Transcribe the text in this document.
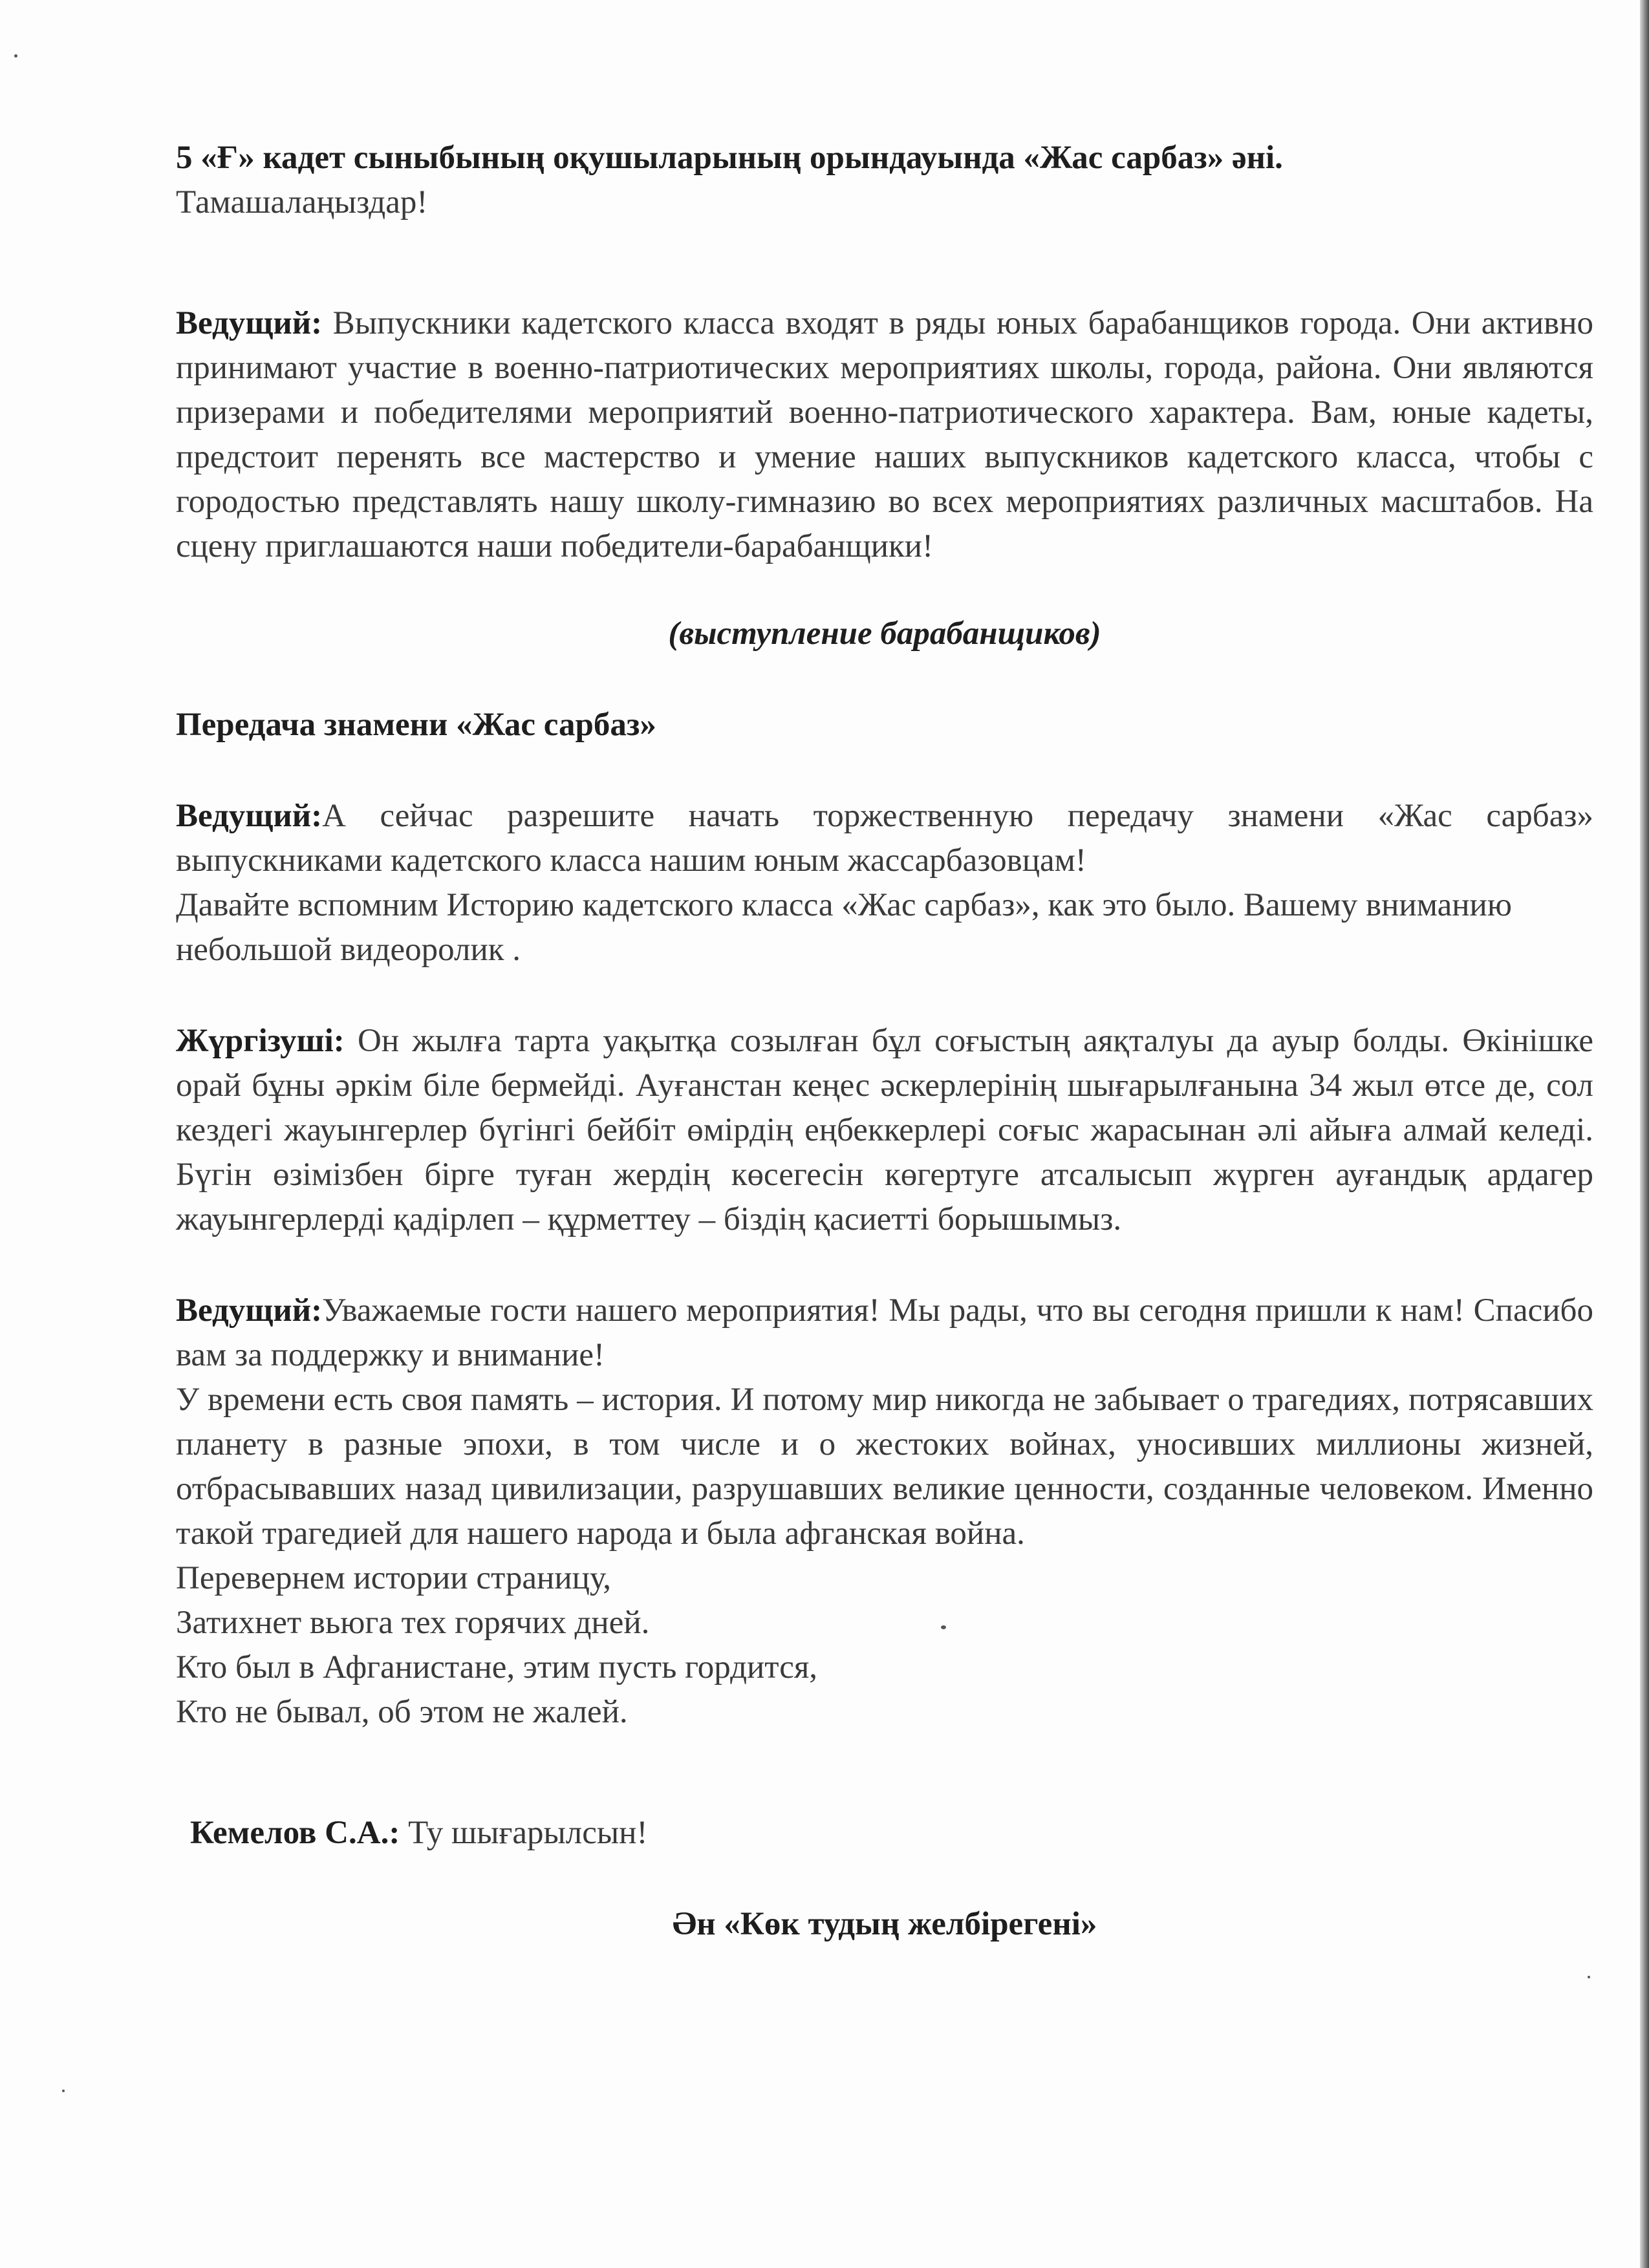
5 «Ғ» кадет сыныбының оқушыларының орындауында «Жас сарбаз» әні.
Тамашалаңыздар!

Ведущий: Выпускники кадетского класса входят в ряды юных барабанщиков города. Они активно принимают участие в военно-патриотических мероприятиях школы, города, района. Они являются призерами и победителями мероприятий военно-патриотического характера. Вам, юные кадеты, предстоит перенять все мастерство и умение наших выпускников кадетского класса, чтобы с городостью представлять нашу школу-гимназию во всех мероприятиях различных масштабов. На сцену приглашаются наши победители-барабанщики!

(выступление барабанщиков)

Передача знамени «Жас сарбаз»

Ведущий:А сейчас разрешите начать торжественную передачу знамени «Жас сарбаз» выпускниками кадетского класса нашим юным жассарбазовцам!
Давайте вспомним Историю кадетского класса «Жас сарбаз», как это было. Вашему вниманию небольшой видеоролик .

Жүргізуші: Он жылға тарта уақытқа созылған бұл соғыстың аяқталуы да ауыр болды. Өкінішке орай бұны әркім біле бермейді. Ауғанстан кеңес әскерлерінің шығарылғанына 34 жыл өтсе де, сол кездегі жауынгерлер бүгінгі бейбіт өмірдің еңбеккерлері соғыс жарасынан әлі айыға алмай келеді. Бүгін өзімізбен бірге туған жердің көсегесін көгертуге атсалысып жүрген ауғандық ардагер жауынгерлерді қадірлеп – құрметтеу – біздің қасиетті борышымыз.

Ведущий:Уважаемые гости нашего мероприятия! Мы рады, что вы сегодня пришли к нам! Спасибо вам за поддержку и внимание!
У времени есть своя память – история. И потому мир никогда не забывает о трагедиях, потрясавших планету в разные эпохи, в том числе и о жестоких войнах, уносивших миллионы жизней, отбрасывавших назад цивилизации, разрушавших великие ценности, созданные человеком. Именно такой трагедией для нашего народа и была афганская война.

Перевернем истории страницу,
Затихнет вьюга тех горячих дней.
Кто был в Афганистане, этим пусть гордится,
Кто не бывал, об этом не жалей.

Кемелов С.А.: Ту шығарылсын!

Ән «Көк тудың желбірегені»
